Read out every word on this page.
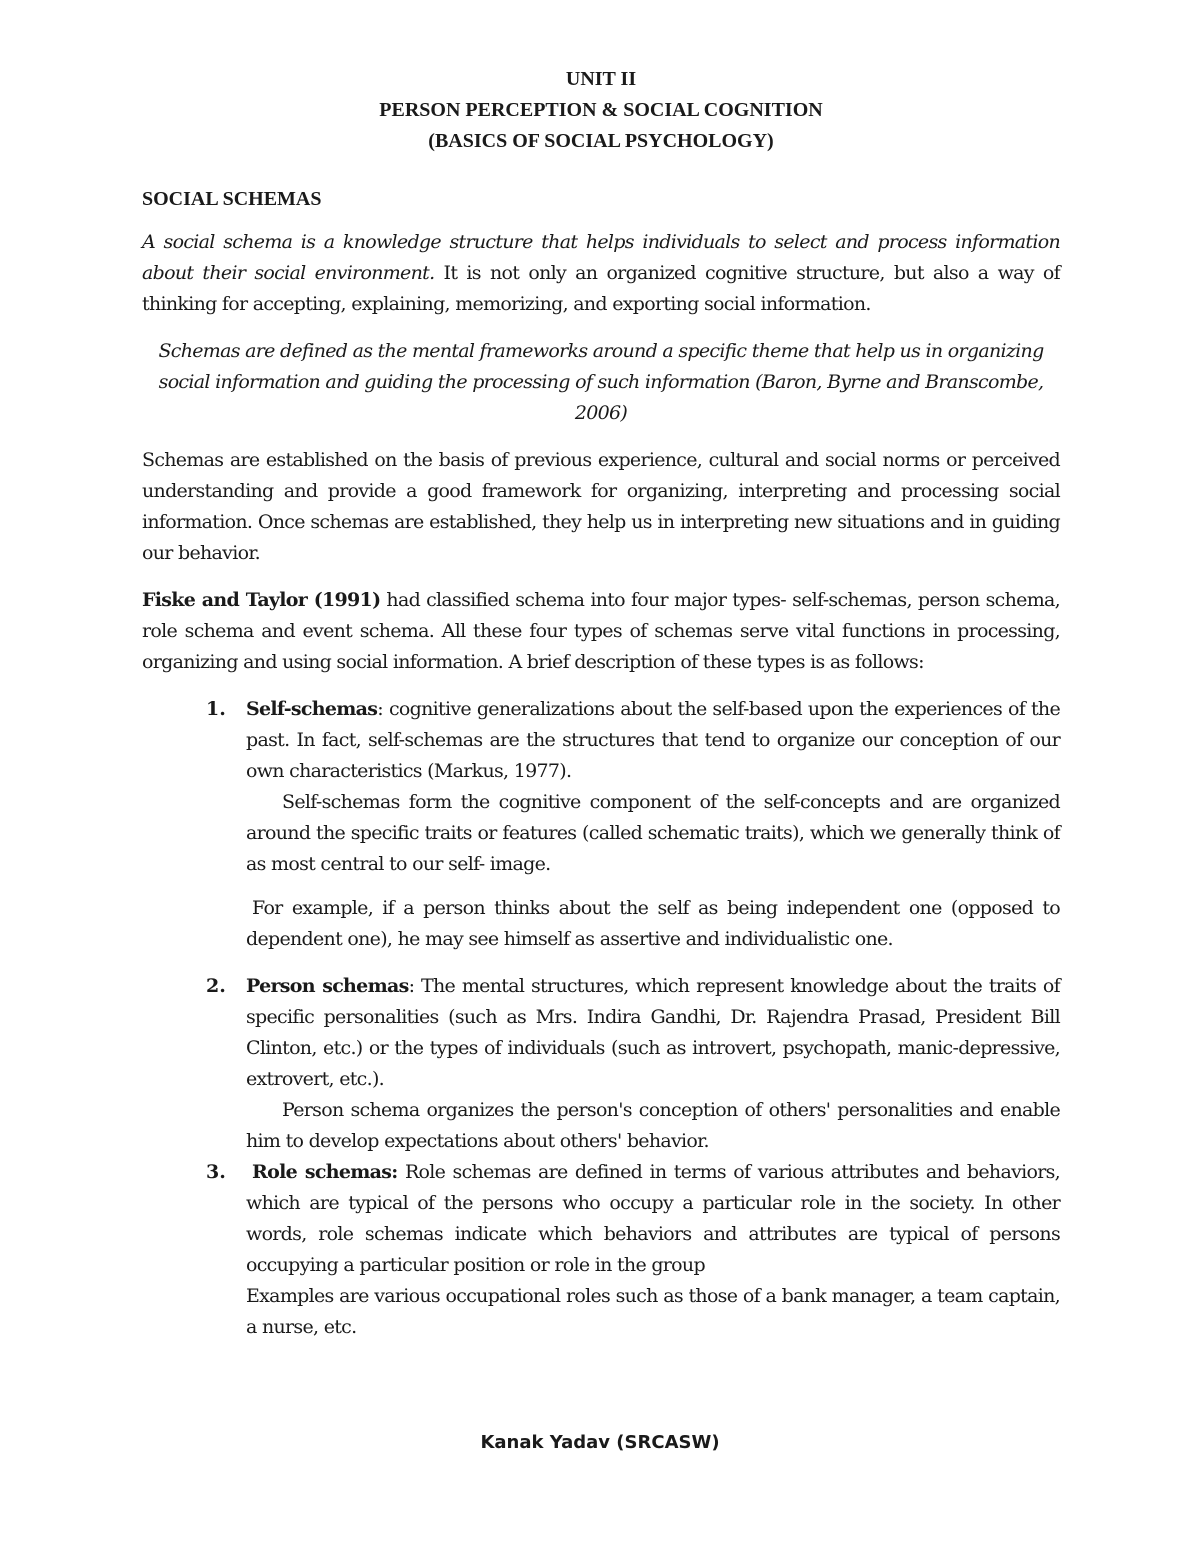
UNIT II

PERSON PERCEPTION & SOCIAL COGNITION

(BASICS OF SOCIAL PSYCHOLOGY)

SOCIAL SCHEMAS

A social schema is a knowledge structure that helps individuals to select and process information about their social environment. It is not only an organized cognitive structure, but also a way of thinking for accepting, explaining, memorizing, and exporting social information.

Schemas are defined as the mental frameworks around a specific theme that help us in organizing social information and guiding the processing of such information (Baron, Byrne and Branscombe, 2006)

Schemas are established on the basis of previous experience, cultural and social norms or perceived understanding and provide a good framework for organizing, interpreting and processing social information. Once schemas are established, they help us in interpreting new situations and in guiding our behavior.

Fiske and Taylor (1991) had classified schema into four major types- self-schemas, person schema, role schema and event schema. All these four types of schemas serve vital functions in processing, organizing and using social information. A brief description of these types is as follows:

1. Self-schemas: cognitive generalizations about the self-based upon the experiences of the past. In fact, self-schemas are the structures that tend to organize our conception of our own characteristics (Markus, 1977).

Self-schemas form the cognitive component of the self-concepts and are organized around the specific traits or features (called schematic traits), which we generally think of as most central to our self- image.

For example, if a person thinks about the self as being independent one (opposed to dependent one), he may see himself as assertive and individualistic one.

2. Person schemas: The mental structures, which represent knowledge about the traits of specific personalities (such as Mrs. Indira Gandhi, Dr. Rajendra Prasad, President Bill Clinton, etc.) or the types of individuals (such as introvert, psychopath, manic-depressive, extrovert, etc.).

Person schema organizes the person's conception of others' personalities and enable him to develop expectations about others' behavior.

3.	Role schemas: Role schemas are defined in terms of various attributes and behaviors, which are typical of the persons who occupy a particular role in the society. In other words, role schemas indicate which behaviors and attributes are typical of persons occupying a particular position or role in the group

Examples are various occupational roles such as those of a bank manager, a team captain, a nurse, etc.

Kanak Yadav (SRCASW)
